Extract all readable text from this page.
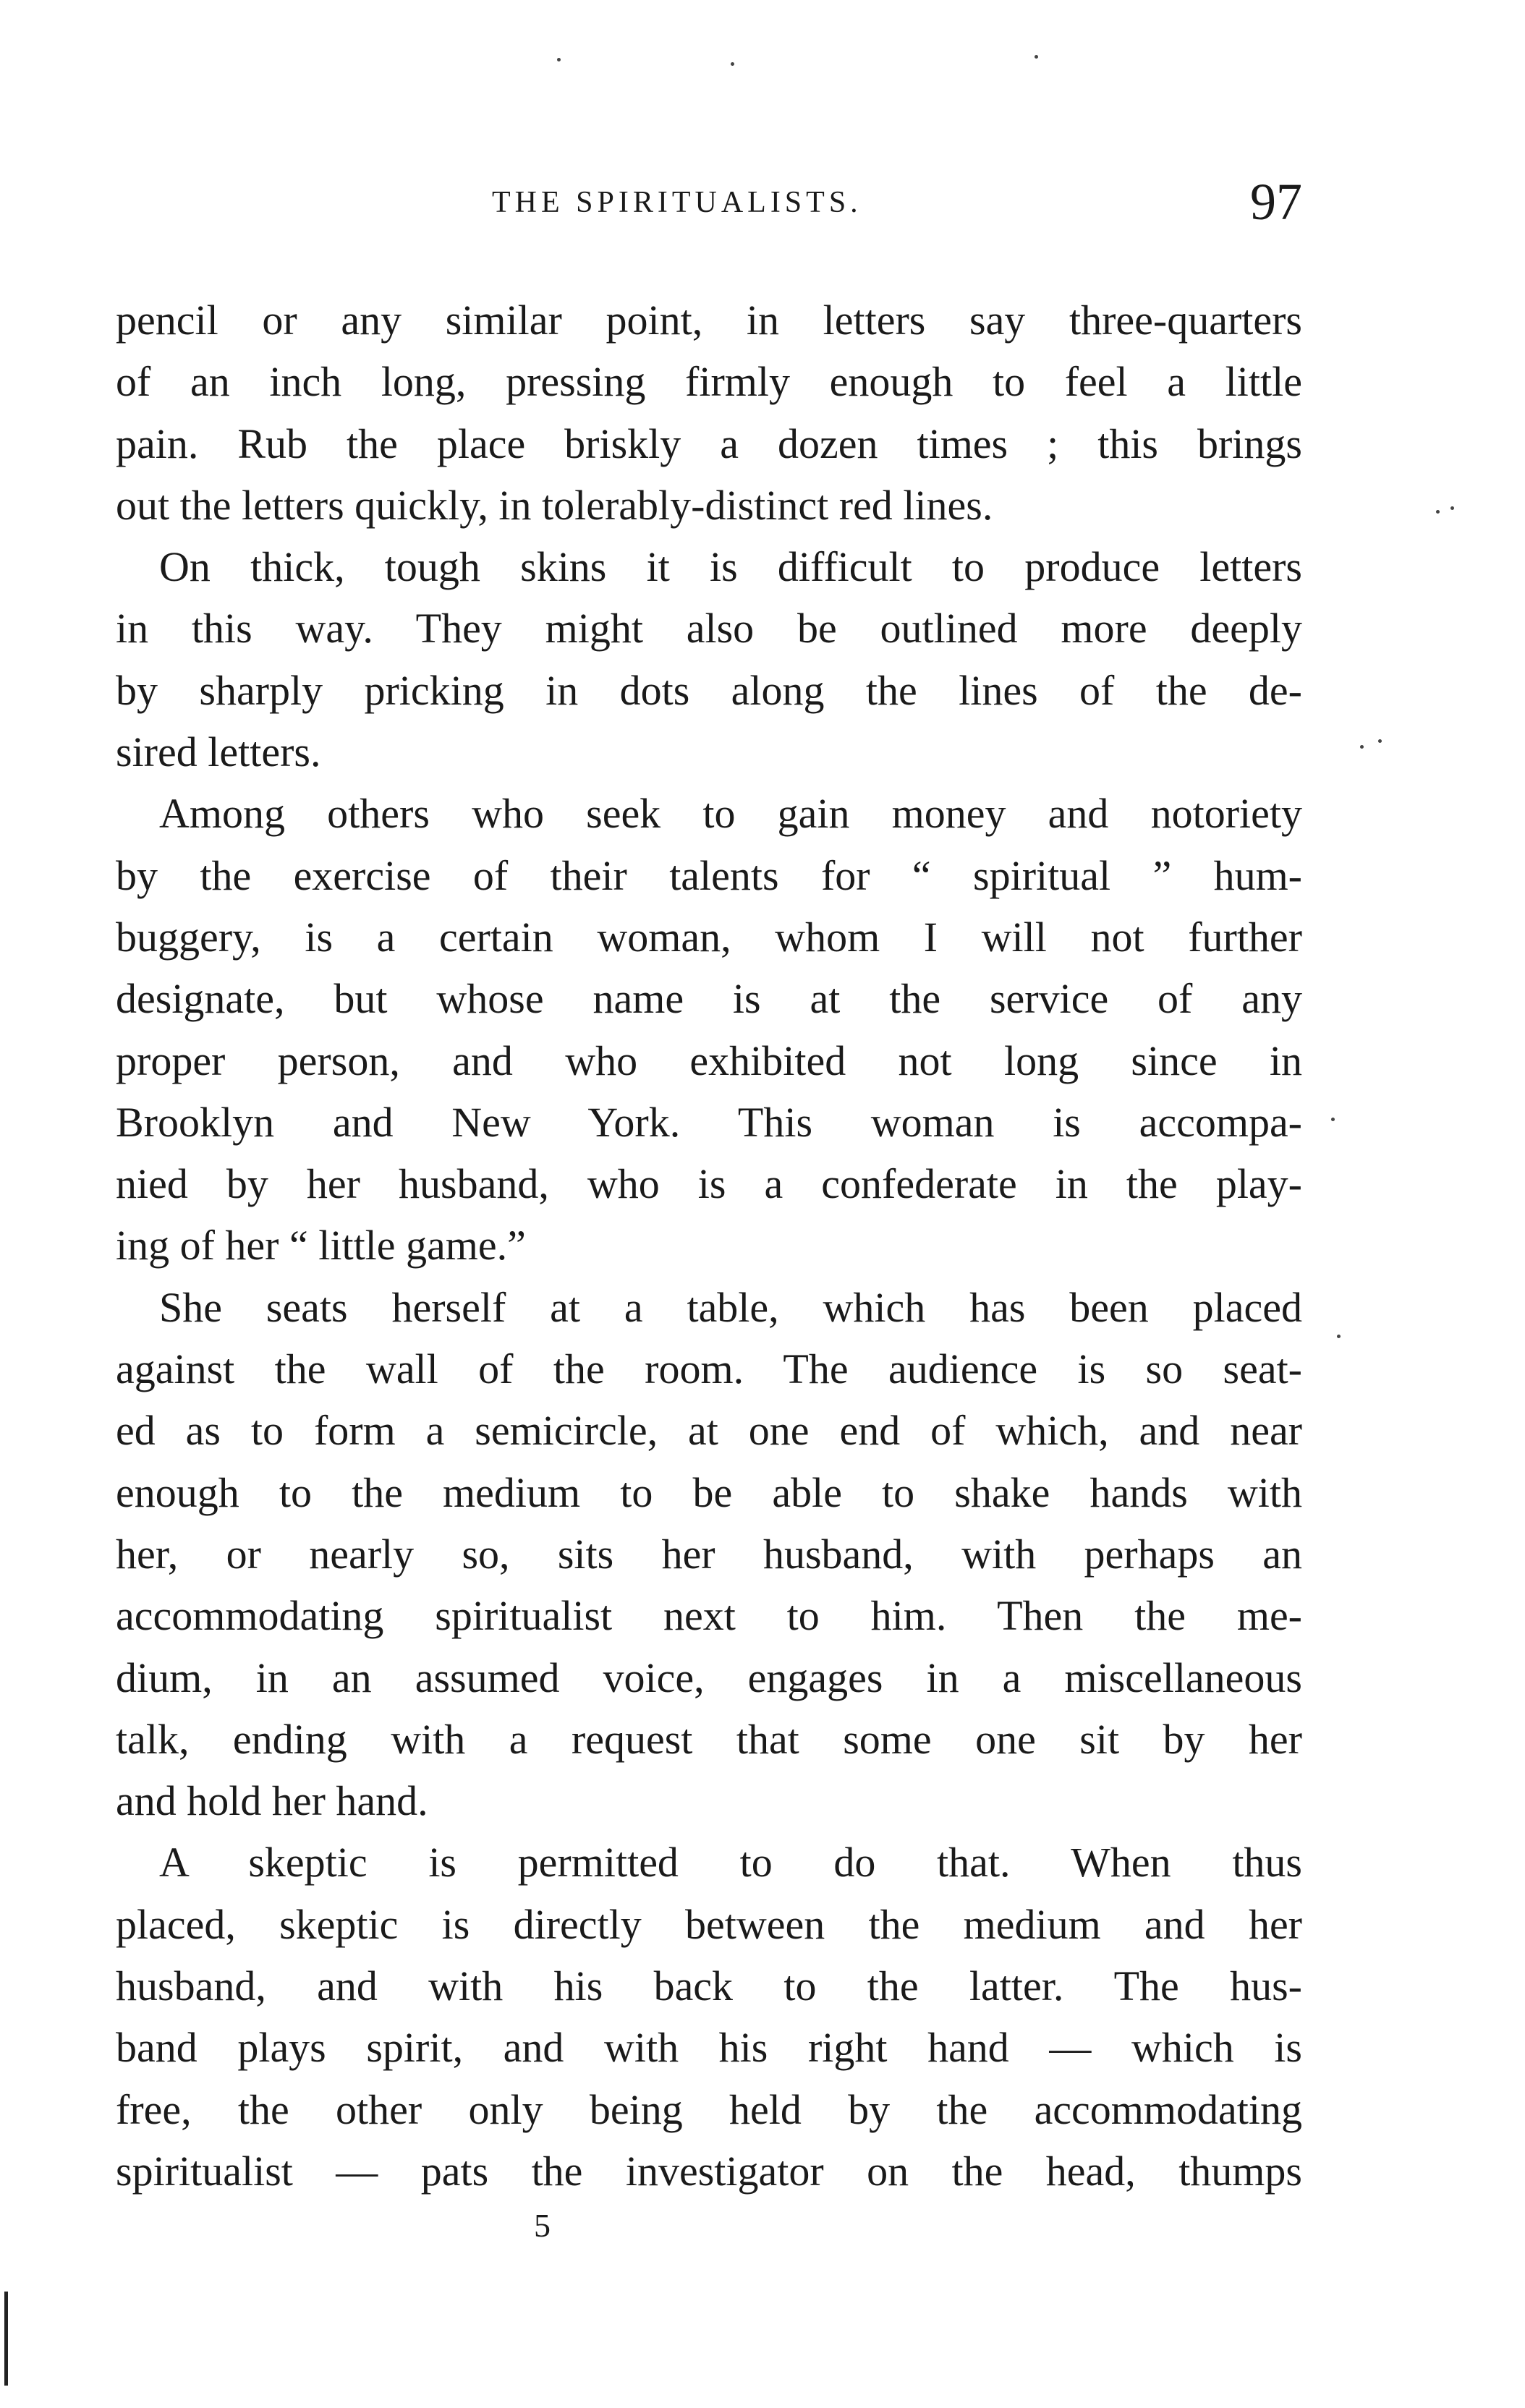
THE SPIRITUALISTS.	97
pencil or any similar point, in letters say three-quarters
of an inch long, pressing firmly enough to feel a little
pain. Rub the place briskly a dozen times ; this brings
out the letters quickly, in tolerably-distinct red lines.
On thick, tough skins it is difficult to produce letters
in this way. They might also be outlined more deeply
by sharply pricking in dots along the lines of the de-
sired letters.
Among others who seek to gain money and notoriety
by the exercise of their talents for “ spiritual ” hum-
buggery, is a certain woman, whom I will not further
designate, but whose name is at the service of any
proper person, and who exhibited not long since in
Brooklyn and New York. This woman is accompa-
nied by her husband, who is a confederate in the play-
ing of her “ little game.”
She seats herself at a table, which has been placed
against the wall of the room. The audience is so seat-
ed as to form a semicircle, at one end of which, and near
enough to the medium to be able to shake hands with
her, or nearly so, sits her husband, with perhaps an
accommodating spiritualist next to him. Then the me-
dium, in an assumed voice, engages in a miscellaneous
talk, ending with a request that some one sit by her
and hold her hand.
A skeptic is permitted to do that. When thus
placed, skeptic is directly between the medium and her
husband, and with his back to the latter. The hus-
band plays spirit, and with his right hand — which is
free, the other only being held by the accommodating
spiritualist — pats the investigator on the head, thumps
5
